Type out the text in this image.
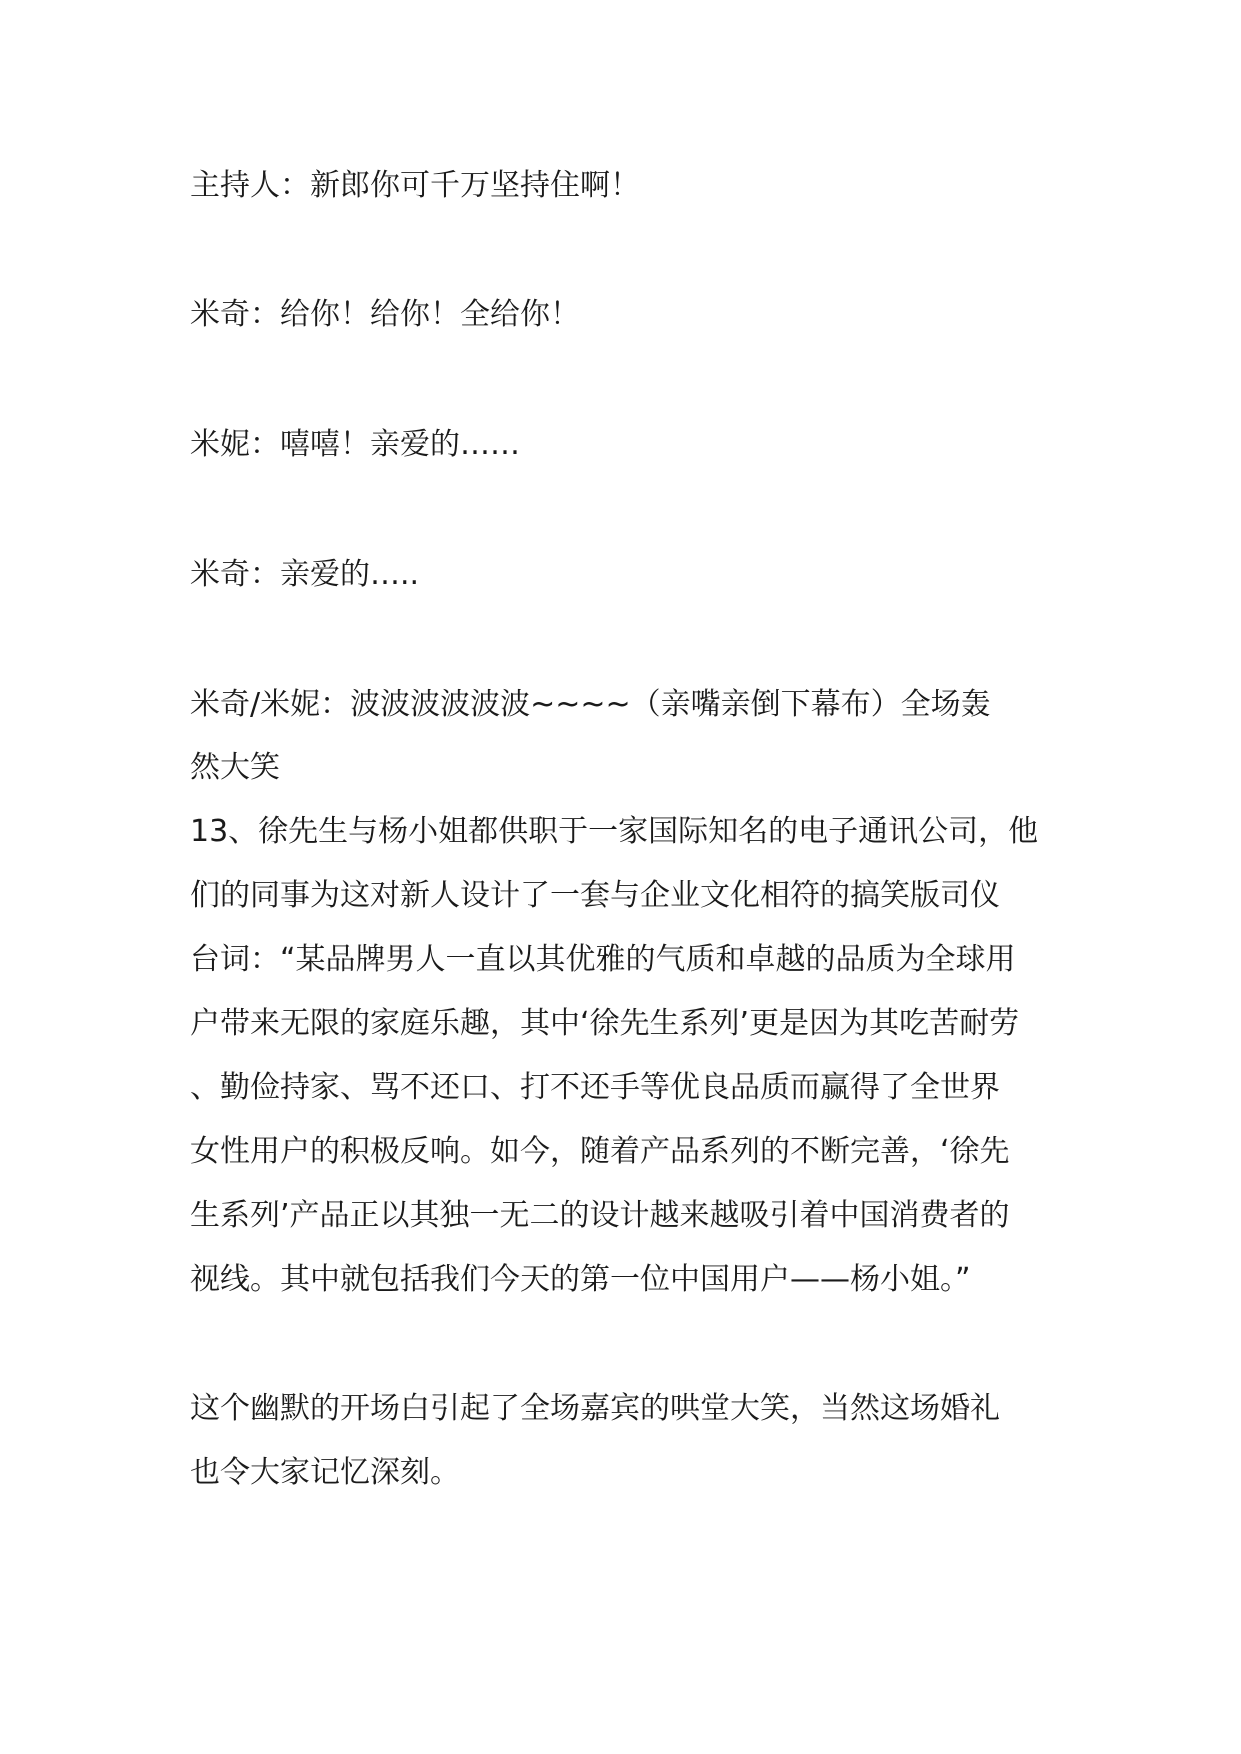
主持人：新郎你可千万坚持住啊！
米奇：给你！给你！全给你！
米妮：嘻嘻！亲爱的……
米奇：亲爱的…..
米奇/米妮：波波波波波波~~~~（亲嘴亲倒下幕布）全场轰
然大笑
13、徐先生与杨小姐都供职于一家国际知名的电子通讯公司，他
们的同事为这对新人设计了一套与企业文化相符的搞笑版司仪
台词：“某品牌男人一直以其优雅的气质和卓越的品质为全球用
户带来无限的家庭乐趣，其中‘徐先生系列’更是因为其吃苦耐劳
、勤俭持家、骂不还口、打不还手等优良品质而赢得了全世界
女性用户的积极反响。如今，随着产品系列的不断完善，‘徐先
生系列’产品正以其独一无二的设计越来越吸引着中国消费者的
视线。其中就包括我们今天的第一位中国用户——杨小姐。”
这个幽默的开场白引起了全场嘉宾的哄堂大笑，当然这场婚礼
也令大家记忆深刻。
